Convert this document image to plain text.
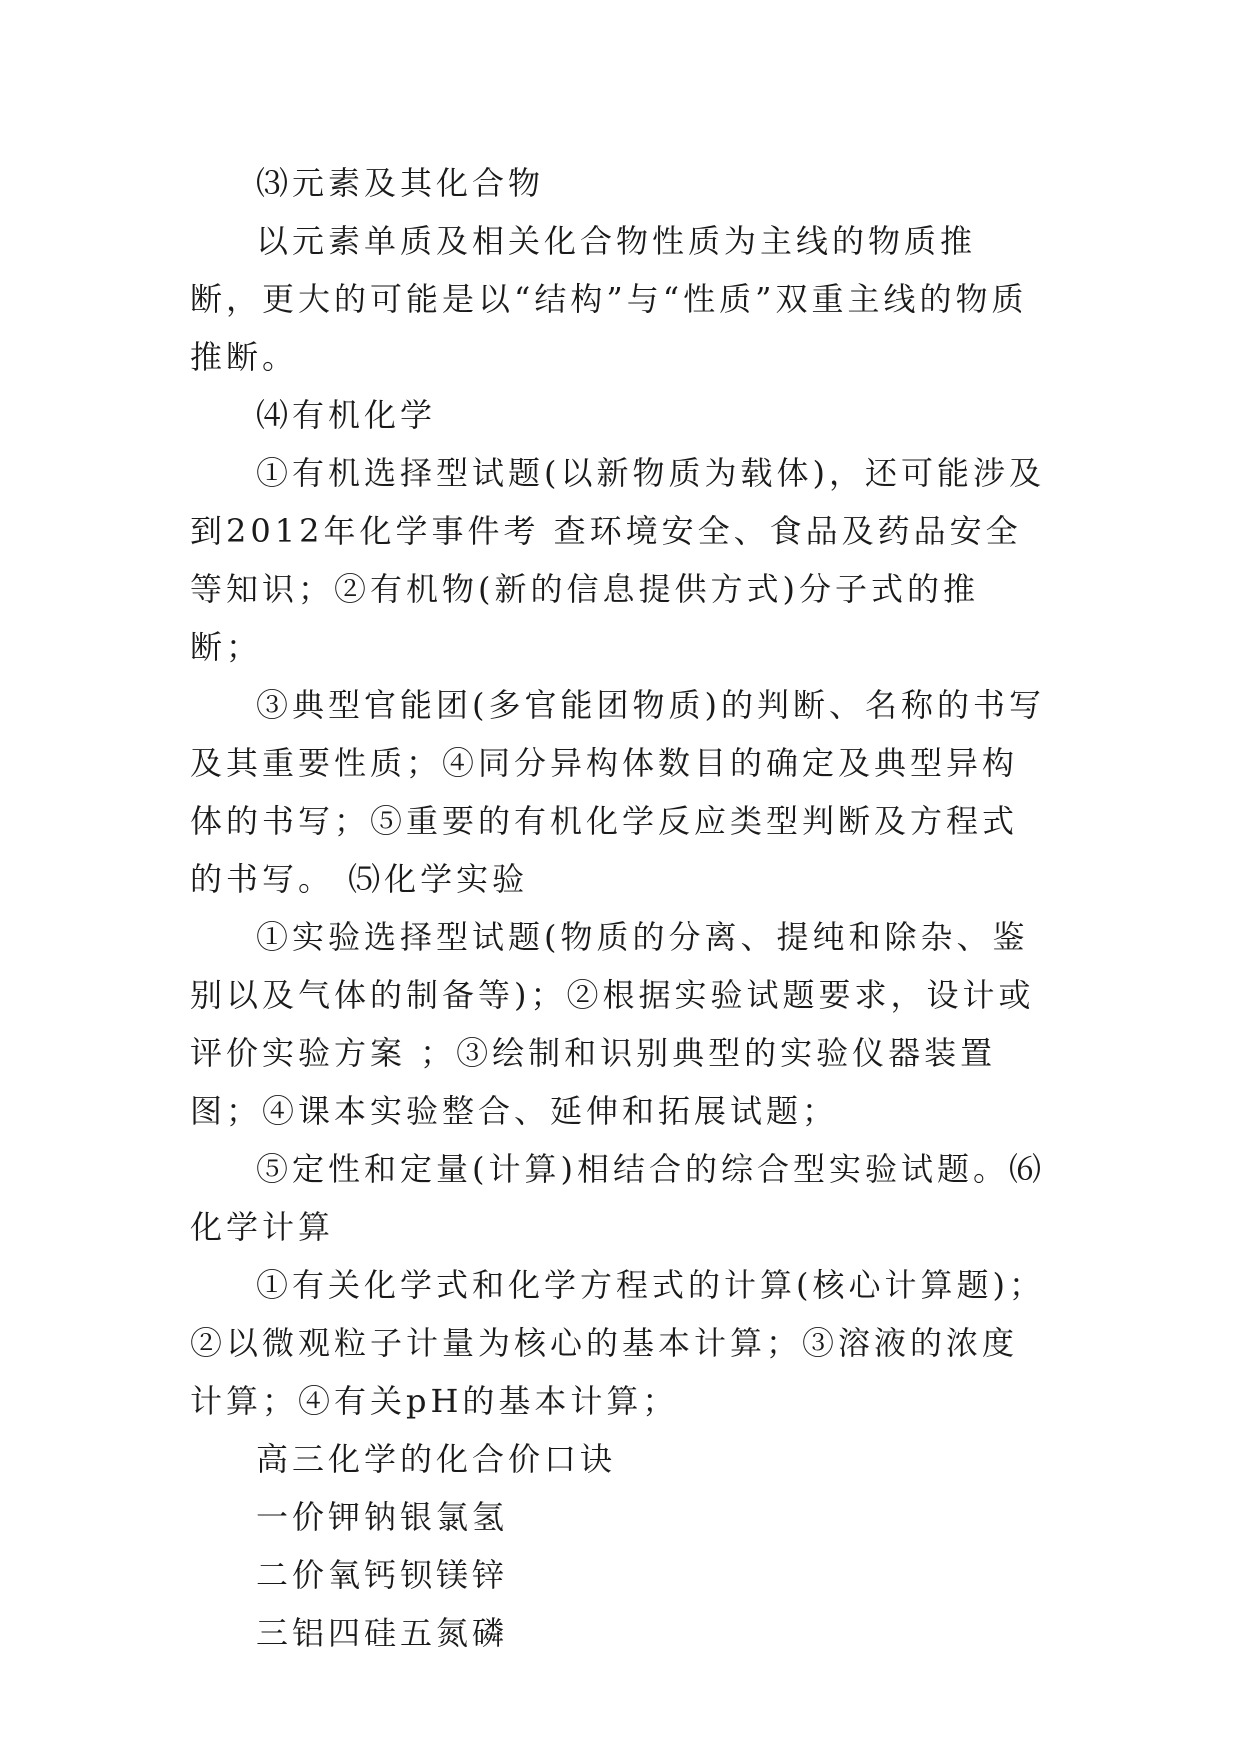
⑶元素及其化合物

以元素单质及相关化合物性质为主线的物质推断，更大的可能是以“结构”与“性质”双重主线的物质推断。

⑷有机化学

①有机选择型试题(以新物质为载体)，还可能涉及到2012年化学事件考 查环境安全、食品及药品安全等知识；②有机物(新的信息提供方式)分子式的推断；

③典型官能团(多官能团物质)的判断、名称的书写及其重要性质；④同分异构体数目的确定及典型异构体的书写；⑤重要的有机化学反应类型判断及方程式的书写。 ⑸化学实验

①实验选择型试题(物质的分离、提纯和除杂、鉴别以及气体的制备等)；②根据实验试题要求，设计或评价实验方案 ；③绘制和识别典型的实验仪器装置图；④课本实验整合、延伸和拓展试题；

⑤定性和定量(计算)相结合的综合型实验试题。⑹化学计算

①有关化学式和化学方程式的计算(核心计算题)；②以微观粒子计量为核心的基本计算；③溶液的浓度计算；④有关pH的基本计算；

高三化学的化合价口诀

一价钾钠银氯氢

二价氧钙钡镁锌

三铝四硅五氮磷
